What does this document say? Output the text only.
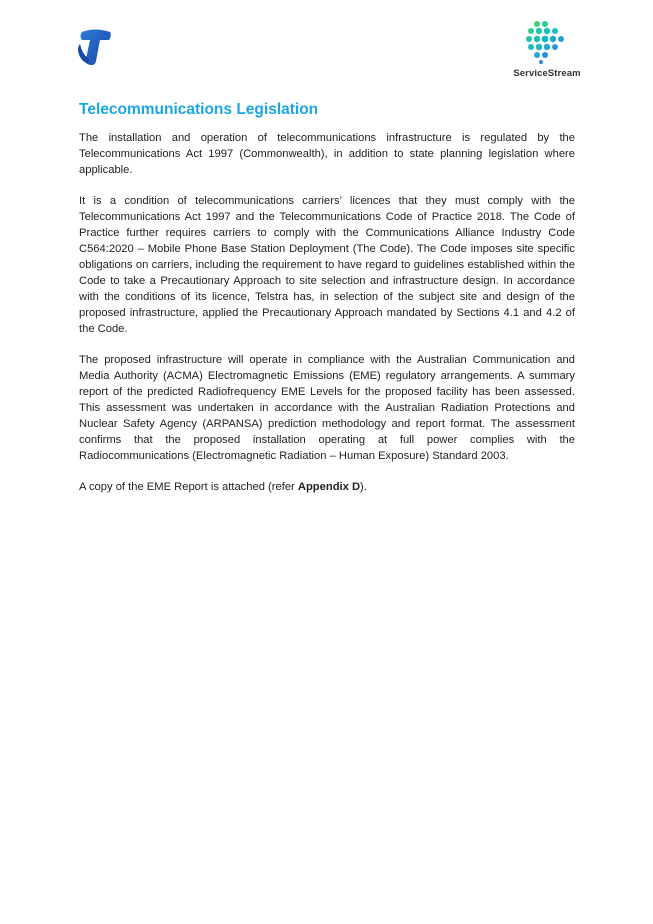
ServiceStream
Telecommunications Legislation

The installation and operation of telecommunications infrastructure is regulated by the Telecommunications Act 1997 (Commonwealth), in addition to state planning legislation where applicable.

It is a condition of telecommunications carriers’ licences that they must comply with the Telecommunications Act 1997 and the Telecommunications Code of Practice 2018. The Code of Practice further requires carriers to comply with the Communications Alliance Industry Code C564:2020 – Mobile Phone Base Station Deployment (The Code). The Code imposes site specific obligations on carriers, including the requirement to have regard to guidelines established within the Code to take a Precautionary Approach to site selection and infrastructure design. In accordance with the conditions of its licence, Telstra has, in selection of the subject site and design of the proposed infrastructure, applied the Precautionary Approach mandated by Sections 4.1 and 4.2 of the Code.

The proposed infrastructure will operate in compliance with the Australian Communication and Media Authority (ACMA) Electromagnetic Emissions (EME) regulatory arrangements. A summary report of the predicted Radiofrequency EME Levels for the proposed facility has been assessed. This assessment was undertaken in accordance with the Australian Radiation Protections and Nuclear Safety Agency (ARPANSA) prediction methodology and report format. The assessment confirms that the proposed installation operating at full power complies with the Radiocommunications (Electromagnetic Radiation – Human Exposure) Standard 2003.

A copy of the EME Report is attached (refer Appendix D).
